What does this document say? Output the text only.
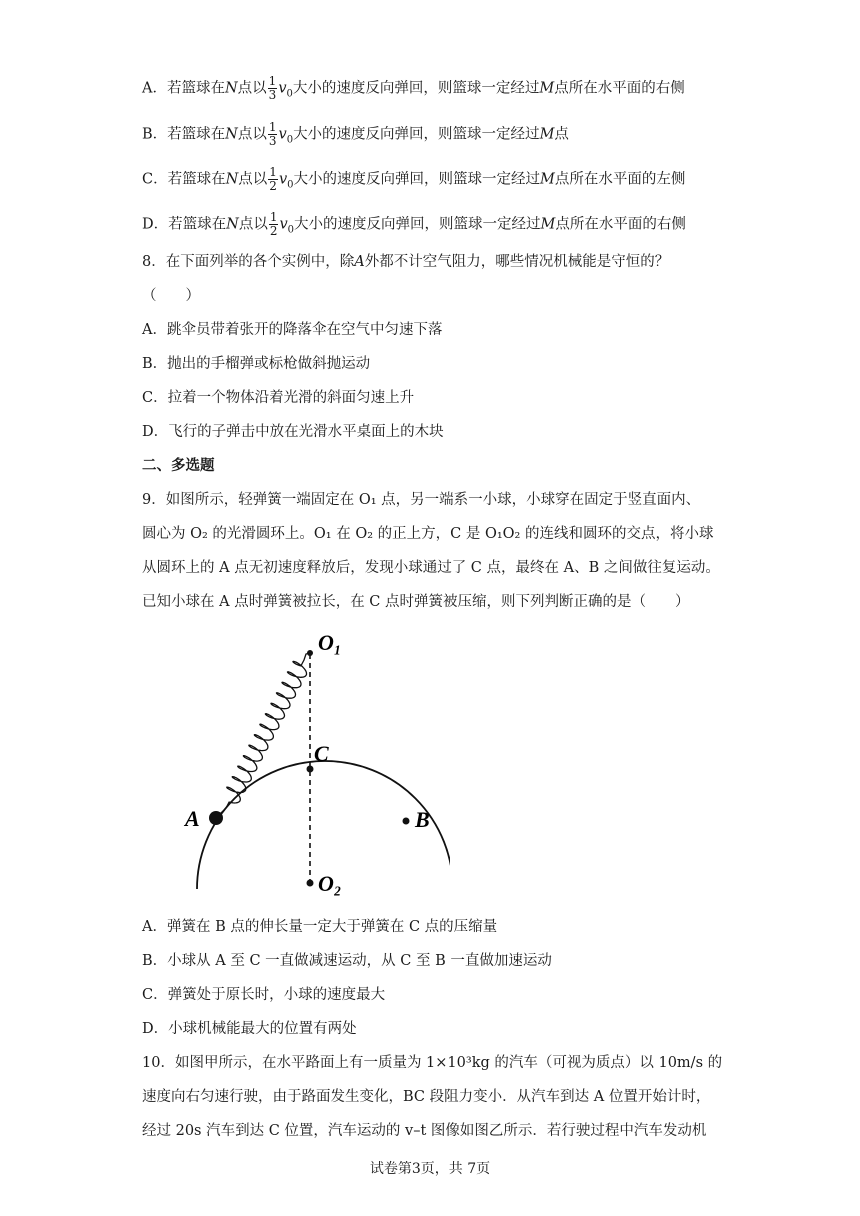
A．若篮球在N点以 $\frac{1}{3} v_0$大小的速度反向弹回，则篮球一定经过M点所在水平面的右侧
B．若篮球在N点以 $\frac{1}{3} v_0$大小的速度反向弹回，则篮球一定经过M点
C．若篮球在N点以 $\frac{1}{2} v_0$大小的速度反向弹回，则篮球一定经过M点所在水平面的左侧
D．若篮球在N点以 $\frac{1}{2} v_0$大小的速度反向弹回，则篮球一定经过M点所在水平面的右侧
8．在下面列举的各个实例中，除A外都不计空气阻力，哪些情况机械能是守恒的？
（　　）
A．跳伞员带着张开的降落伞在空气中匀速下落
B．抛出的手榴弹或标枪做斜抛运动
C．拉着一个物体沿着光滑的斜面匀速上升
D．飞行的子弹击中放在光滑水平桌面上的木块
二、多选题
9．如图所示，轻弹簧一端固定在 O₁ 点，另一端系一小球，小球穿在固定于竖直面内、
圆心为 O₂ 的光滑圆环上。O₁ 在 O₂ 的正上方，C 是 O₁O₂ 的连线和圆环的交点，将小球
从圆环上的 A 点无初速度释放后，发现小球通过了 C 点，最终在 A、B 之间做往复运动。
已知小球在 A 点时弹簧被拉长，在 C 点时弹簧被压缩，则下列判断正确的是（　　）
O₁
C
A	B
O₂
A．弹簧在 B 点的伸长量一定大于弹簧在 C 点的压缩量
B．小球从 A 至 C 一直做减速运动，从 C 至 B 一直做加速运动
C．弹簧处于原长时，小球的速度最大
D．小球机械能最大的位置有两处
10．如图甲所示，在水平路面上有一质量为 1×10³kg 的汽车（可视为质点）以 10m/s 的
速度向右匀速行驶，由于路面发生变化，BC 段阻力变小．从汽车到达 A 位置开始计时，
经过 20s 汽车到达 C 位置，汽车运动的 v–t 图像如图乙所示．若行驶过程中汽车发动机
试卷第3页，共 7页
